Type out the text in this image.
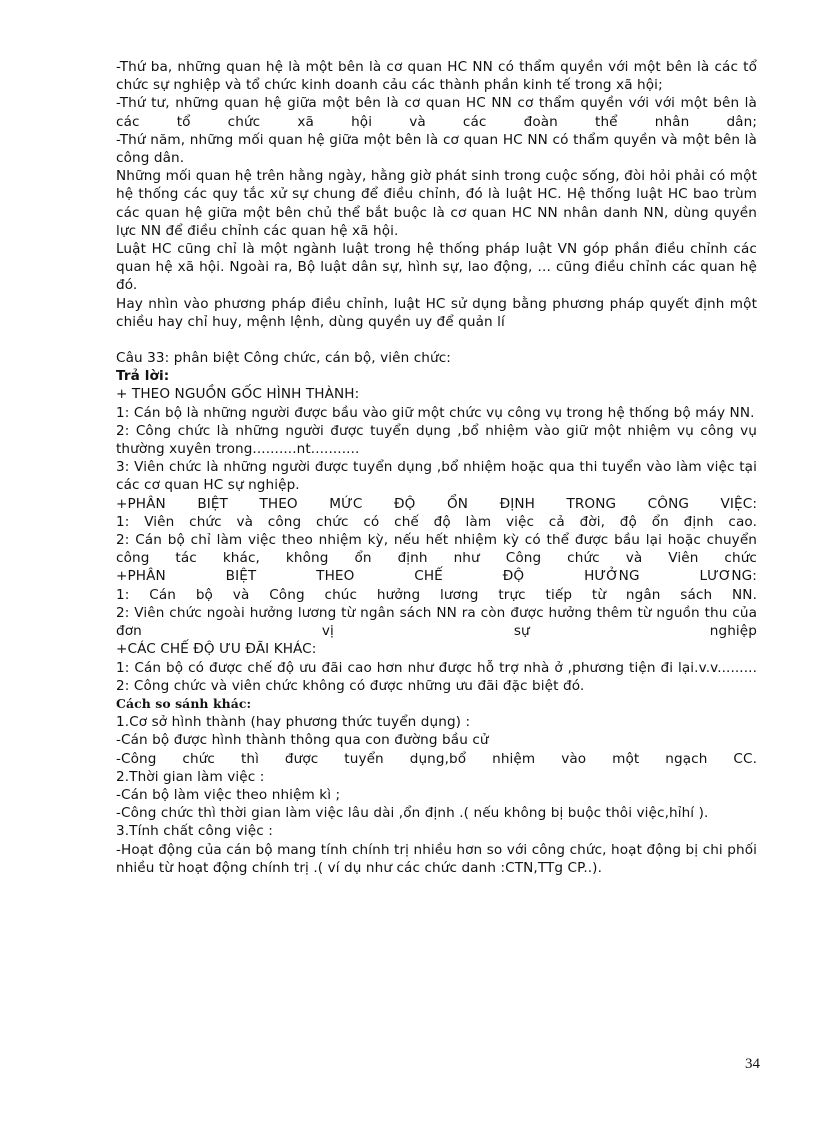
-Thứ ba, những quan hệ là một bên là cơ quan HC NN có thẩm quyền với một bên là các tổ chức sự nghiệp và tổ chức kinh doanh cảu các thành phần kinh tế trong xã hội;

-Thứ tư, những quan hệ giữa một bên là cơ quan HC NN cơ thẩm quyền với với một bên là các tổ chức xã hội và các đoàn thể nhân dân;

-Thứ năm, những mối quan hệ giữa một bên là cơ quan HC NN có thẩm quyền và một bên là công dân.

Những mối quan hệ trên hằng ngày, hằng giờ phát sinh trong cuộc sống, đòi hỏi phải có một hệ thống các quy tắc xử sự chung để điều chỉnh, đó là luật HC. Hệ thống luật HC bao trùm các quan hệ giữa một bên chủ thể bắt buộc là cơ quan HC NN nhân danh NN, dùng quyền lực NN để điều chỉnh các quan hệ xã hội.

Luật HC cũng chỉ là một ngành luật trong hệ thống pháp luật VN góp phần điều chỉnh các quan hệ xã hội. Ngoài ra, Bộ luật dân sự, hình sự, lao động, … cũng điều chỉnh các quan hệ đó.

Hay nhìn vào phương pháp điều chỉnh, luật HC sử dụng bằng phương pháp quyết định một chiều hay chỉ huy, mệnh lệnh, dùng quyền uy để quản lí

Câu 33: phân biệt Công chức, cán bộ, viên chức:

Trả lời:

+ THEO NGUỒN GỐC HÌNH THÀNH:

1: Cán bộ là những người được bầu vào giữ một chức vụ công vụ trong hệ thống bộ máy NN.

2: Công chức là những người được tuyển dụng ,bổ nhiệm vào giữ một nhiệm vụ công vụ thường xuyên trong..........nt...........

3: Viên chức là những người được tuyển dụng ,bổ nhiệm hoặc qua thi tuyển vào làm việc tại các cơ quan HC sự nghiệp.

+PHÂN BIỆT THEO MỨC ĐỘ ỔN ĐỊNH TRONG CÔNG VIỆC:

1: Viên chức và công chức có chế độ làm việc cả đời, độ ổn định cao.

2: Cán bộ chỉ làm việc theo nhiệm kỳ, nếu hết nhiệm kỳ có thể được bầu lại hoặc chuyển công tác khác, không ổn định như Công chức và Viên chức

+PHÂN BIỆT THEO CHẾ ĐỘ HƯỞNG LƯƠNG:

1: Cán bộ và Công chúc hưởng lương trực tiếp từ ngân sách NN.

2: Viên chức ngoài hưởng lương từ ngân sách NN ra còn được hưởng thêm từ nguồn thu của đơn vị sự nghiệp

+CÁC CHẾ ĐỘ ƯU ĐÃI KHÁC:

1: Cán bộ có được chế độ ưu đãi cao hơn như được hỗ trợ nhà ở ,phương tiện đi lại.v.v.........

2: Công chức và viên chức không có được những ưu đãi đặc biệt đó.

Cách so sánh khác:

1.Cơ sở hình thành (hay phương thức tuyển dụng) :

-Cán bộ được hình thành thông qua con đường bầu cử

-Công chức thì được tuyển dụng,bổ nhiệm vào một ngạch CC.

2.Thời gian làm việc :

-Cán bộ làm việc theo nhiệm kì ;

-Công chức thì thời gian làm việc lâu dài ,ổn định .( nếu không bị buộc thôi việc,hỉhí ).

3.Tính chất công việc :

-Hoạt động của cán bộ mang tính chính trị nhiều hơn so với công chức, hoạt động bị chi phối nhiều từ hoạt động chính trị .( ví dụ như các chức danh :CTN,TTg CP..).

34
